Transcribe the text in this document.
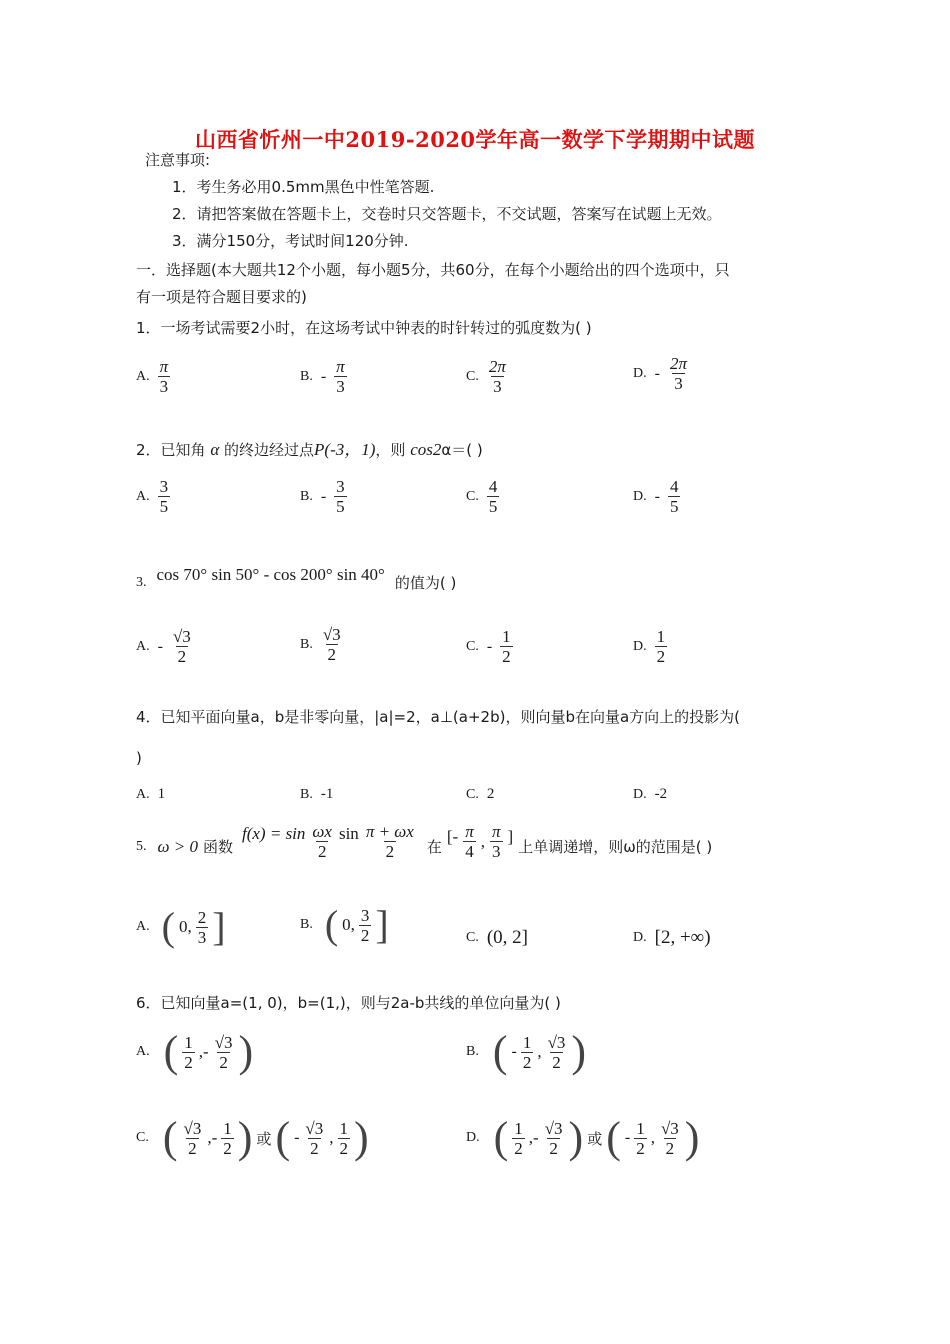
山西省忻州一中2019-2020学年高一数学下学期期中试题
注意事项:
1．考生务必用0.5mm黑色中性笔答题.
2．请把答案做在答题卡上，交卷时只交答题卡，不交试题，答案写在试题上无效。
3．满分150分，考试时间120分钟.
一．选择题(本大题共12个小题，每小题5分，共60分，在每个小题给出的四个选项中，只
有一项是符合题目要求的)
1．一场考试需要2小时，在这场考试中钟表的时针转过的弧度数为( )
A. $\frac{\pi}{3}$	B. - $\frac{\pi}{3}$	C. $\frac{2\pi}{3}$	D. - $\frac{2\pi}{3}$
2．已知角 α 的终边经过点P(-3，1)，则 cos2α＝( )
A. $\frac{3}{5}$	B. - $\frac{3}{5}$	C. $\frac{4}{5}$	D. - $\frac{4}{5}$
3. cos 70° sin 50° - cos 200° sin 40° 的值为( )
A. - $\frac{√3}{2}$	B. $\frac{√3}{2}$	C. - $\frac{1}{2}$	D. $\frac{1}{2}$
4．已知平面向量a，b是非零向量，|a|=2，a⊥(a+2b)，则向量b在向量a方向上的投影为(
)
A. 1	B. -1	C. 2	D. -2
5. ω > 0 函数
$f(x) = \sin \frac{\omega x}{2}$ $\sin \frac{\pi + \omega x}{2}$ 在
[- $\frac{\pi}{4}$ , $\frac{\pi}{3}$ ]
上单调递增，则ω的范围是( )
A. ( 0, $\frac{2}{3}$ ]	B. ( 0, $\frac{3}{2}$ ]	C. (0, 2]	D. [2, +∞)
6．已知向量a=(1, 0)，b=(1,)，则与2a-b共线的单位向量为( )
A. ( $\frac{1}{2}$ ,- $\frac{√3}{2}$ )	B. ( - $\frac{1}{2}$ , $\frac{√3}{2}$ )
C. ( $\frac{√3}{2}$ ,- $\frac{1}{2}$ ) 或 ( - $\frac{√3}{2}$ , $\frac{1}{2}$ )	D. ( $\frac{1}{2}$ ,- $\frac{√3}{2}$ ) 或 ( - $\frac{1}{2}$ , $\frac{√3}{2}$ )
